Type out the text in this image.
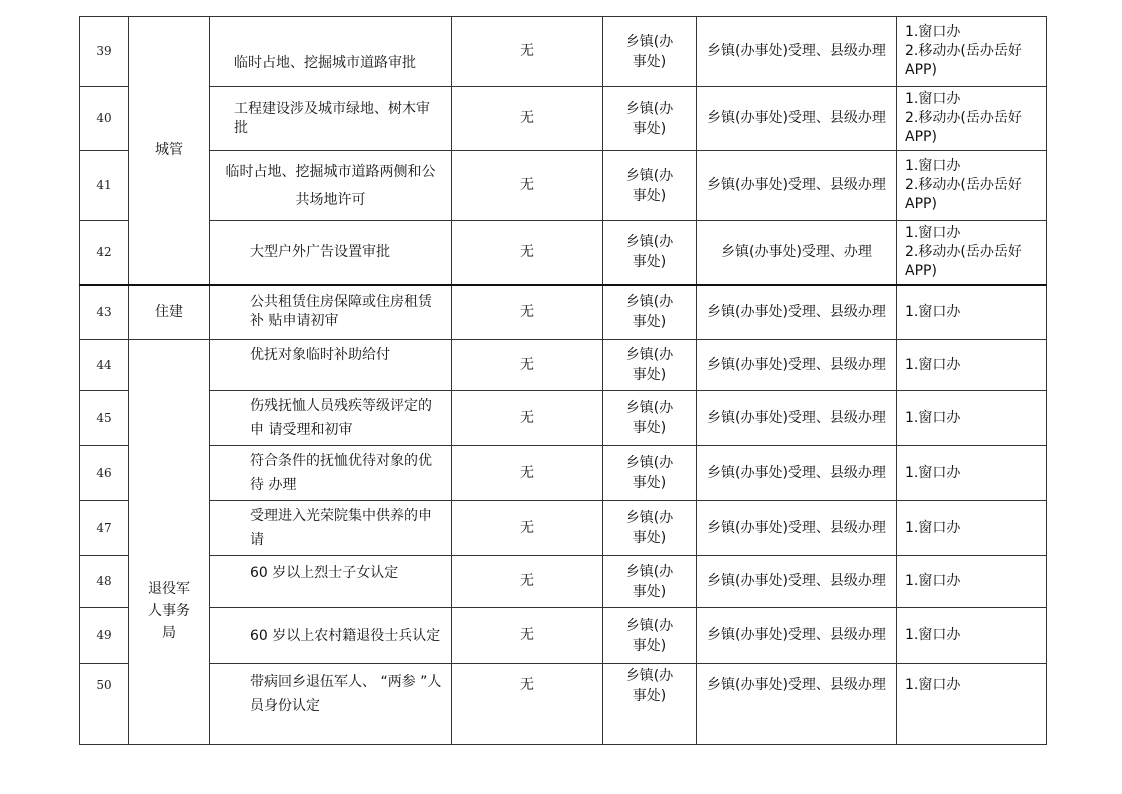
39	城管	临时占地、挖掘城市道路审批	无	乡镇(办事处)	乡镇(办事处)受理、县级办理	1.窗口办
2.移动办(岳办岳好APP)
40		工程建设涉及城市绿地、树木审 批	无	乡镇(办事处)	乡镇(办事处)受理、县级办理	1.窗口办
2.移动办(岳办岳好APP)
41		临时占地、挖掘城市道路两侧和公共场地许可	无	乡镇(办事处)	乡镇(办事处)受理、县级办理	1.窗口办
2.移动办(岳办岳好APP)
42		大型户外广告设置审批	无	乡镇(办事处)	乡镇(办事处)受理、办理	1.窗口办
2.移动办(岳办岳好APP)
43	住建	公共租赁住房保障或住房租赁补 贴申请初审	无	乡镇(办事处)	乡镇(办事处)受理、县级办理	1.窗口办
44	退役军人事务局	优抚对象临时补助给付	无	乡镇(办事处)	乡镇(办事处)受理、县级办理	1.窗口办
45		伤残抚恤人员残疾等级评定的申 请受理和初审	无	乡镇(办事处)	乡镇(办事处)受理、县级办理	1.窗口办
46		符合条件的抚恤优待对象的优待 办理	无	乡镇(办事处)	乡镇(办事处)受理、县级办理	1.窗口办
47		受理进入光荣院集中供养的申请	无	乡镇(办事处)	乡镇(办事处)受理、县级办理	1.窗口办
48		60 岁以上烈士子女认定	无	乡镇(办事处)	乡镇(办事处)受理、县级办理	1.窗口办
49		60 岁以上农村籍退役士兵认定	无	乡镇(办事处)	乡镇(办事处)受理、县级办理	1.窗口办
50		带病回乡退伍军人、 “两参 ”人 员身份认定	无	乡镇(办事处)	乡镇(办事处)受理、县级办理	1.窗口办
